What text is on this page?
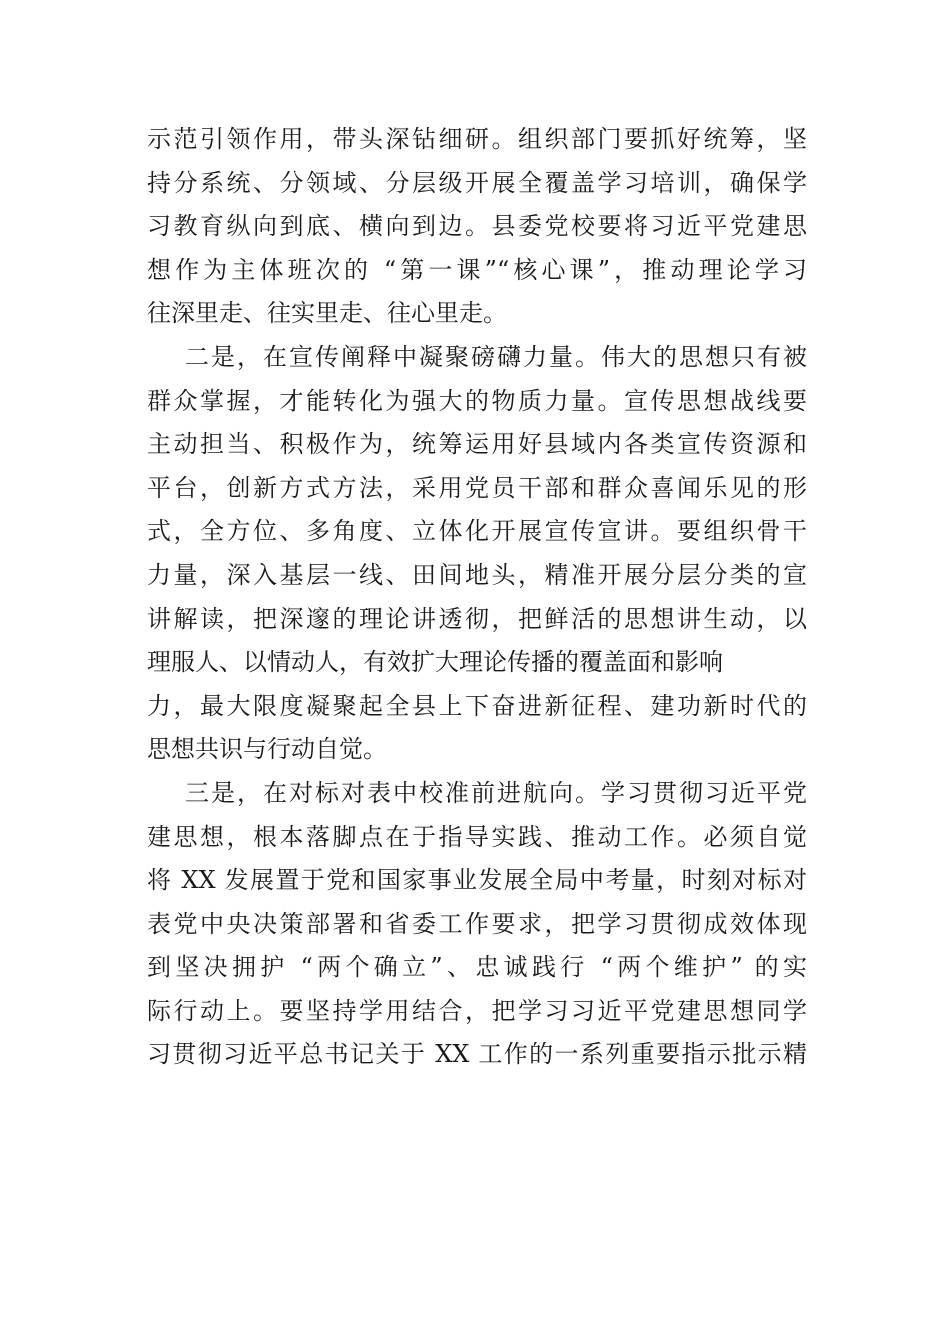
示范引领作用，带头深钻细研。组织部门要抓好统筹，坚
持分系统、分领域、分层级开展全覆盖学习培训，确保学
习教育纵向到底、横向到边。县委党校要将习近平党建思
想作为主体班次的 “第一课”“核心课”，推动理论学习
往深里走、往实里走、往心里走。
二是，在宣传阐释中凝聚磅礴力量。伟大的思想只有被
群众掌握，才能转化为强大的物质力量。宣传思想战线要
主动担当、积极作为，统筹运用好县域内各类宣传资源和
平台，创新方式方法，采用党员干部和群众喜闻乐见的形
式，全方位、多角度、立体化开展宣传宣讲。要组织骨干
力量，深入基层一线、田间地头，精准开展分层分类的宣
讲解读，把深邃的理论讲透彻，把鲜活的思想讲生动，以
理服人、以情动人，有效扩大理论传播的覆盖面和影响
力，最大限度凝聚起全县上下奋进新征程、建功新时代的
思想共识与行动自觉。
三是，在对标对表中校准前进航向。学习贯彻习近平党
建思想，根本落脚点在于指导实践、推动工作。必须自觉
将 XX 发展置于党和国家事业发展全局中考量，时刻对标对
表党中央决策部署和省委工作要求，把学习贯彻成效体现
到坚决拥护 “两个确立”、忠诚践行 “两个维护” 的实
际行动上。要坚持学用结合，把学习习近平党建思想同学
习贯彻习近平总书记关于 XX 工作的一系列重要指示批示精
